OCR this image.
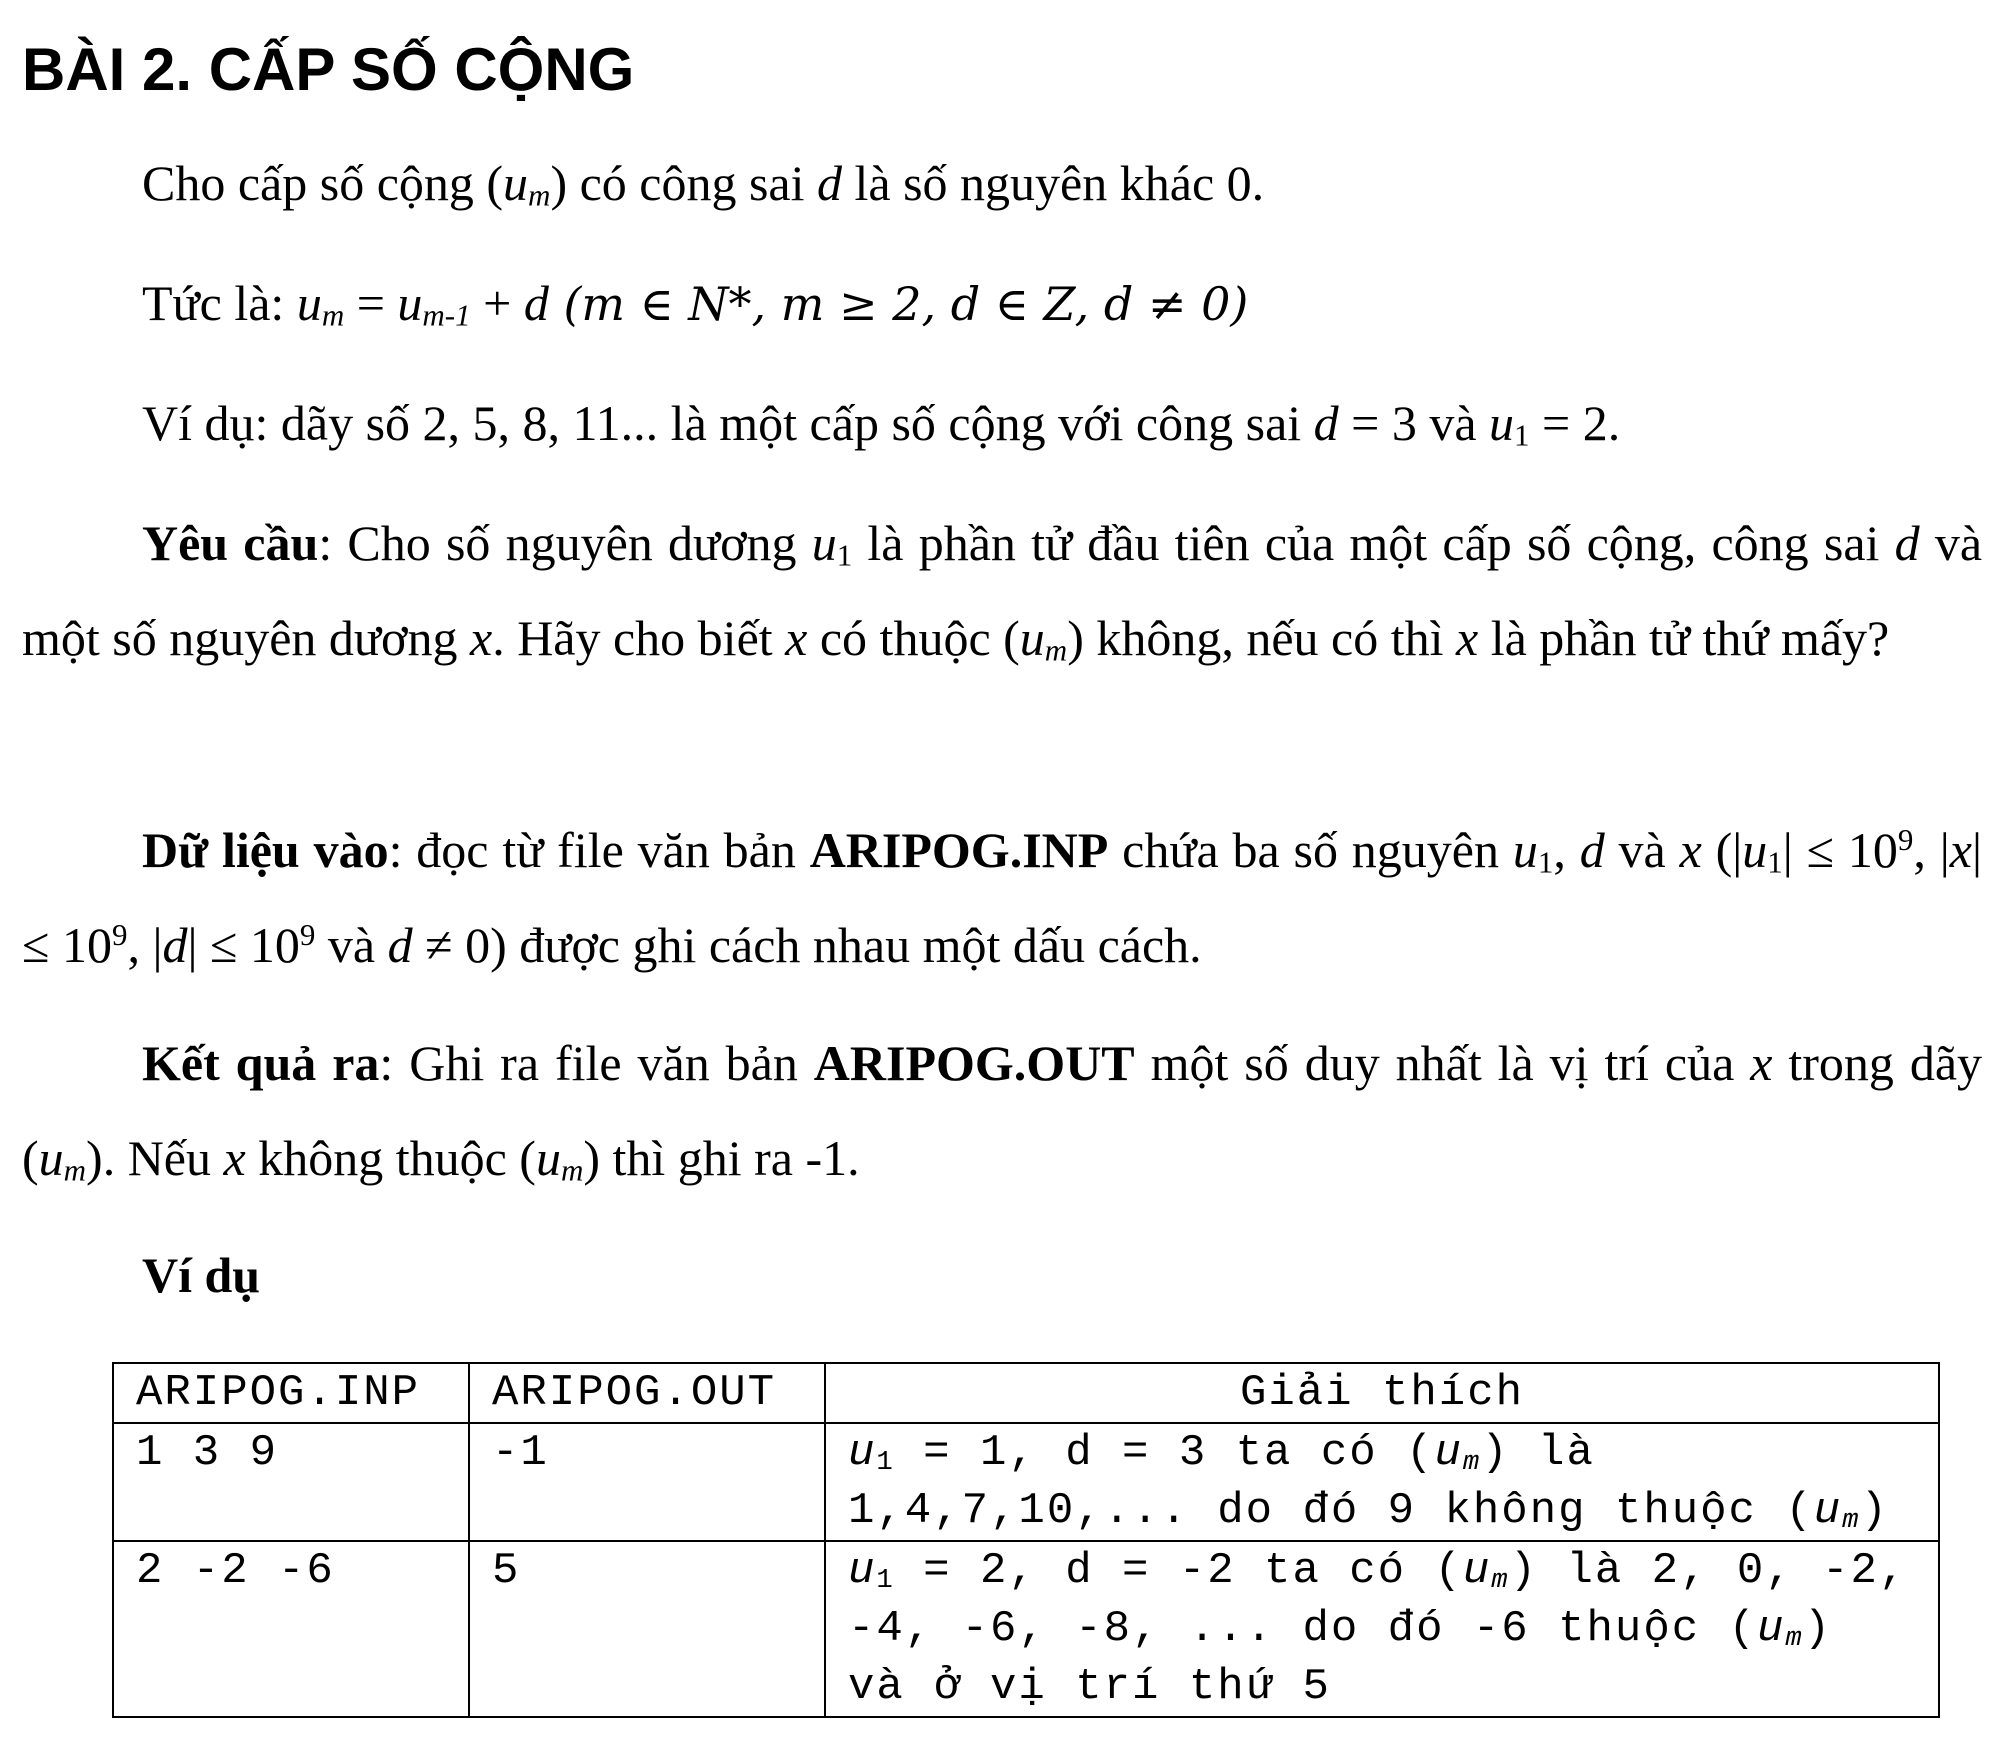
BÀI 2. CẤP SỐ CỘNG

Cho cấp số cộng $(u_m)$ có công sai d là số nguyên khác 0.

Tức là: $u_m = u_{m-1} + d$ (m ∈ N*, m ≥ 2, d ∈ Z, d ≠ 0)

Ví dụ: dãy số 2, 5, 8, 11... là một cấp số cộng với công sai d = 3 và $u_1 = 2$.

Yêu cầu: Cho số nguyên dương $u_1$ là phần tử đầu tiên của một cấp số cộng, công sai d và một số nguyên dương x. Hãy cho biết x có thuộc $(u_m)$ không, nếu có thì x là phần tử thứ mấy?

Dữ liệu vào: đọc từ file văn bản ARIPOG.INP chứa ba số nguyên $u_1$, d và x ($|u_1| \le 10^9$, $|x| \le 10^9$, $|d| \le 10^9$ và d ≠ 0) được ghi cách nhau một dấu cách.

Kết quả ra: Ghi ra file văn bản ARIPOG.OUT một số duy nhất là vị trí của x trong dãy $(u_m)$. Nếu x không thuộc $(u_m)$ thì ghi ra -1.

Ví dụ

ARIPOG.INP	ARIPOG.OUT	Giải thích
1 3 9	-1	$u_1 = 1$, d = 3 ta có $(u_m)$ là 1,4,7,10,... do đó 9 không thuộc $(u_m)$
2 -2 -6	5	$u_1 = 2$, d = -2 ta có $(u_m)$ là 2, 0, -2, -4, -6, -8, ... do đó -6 thuộc $(u_m)$ và ở vị trí thứ 5
